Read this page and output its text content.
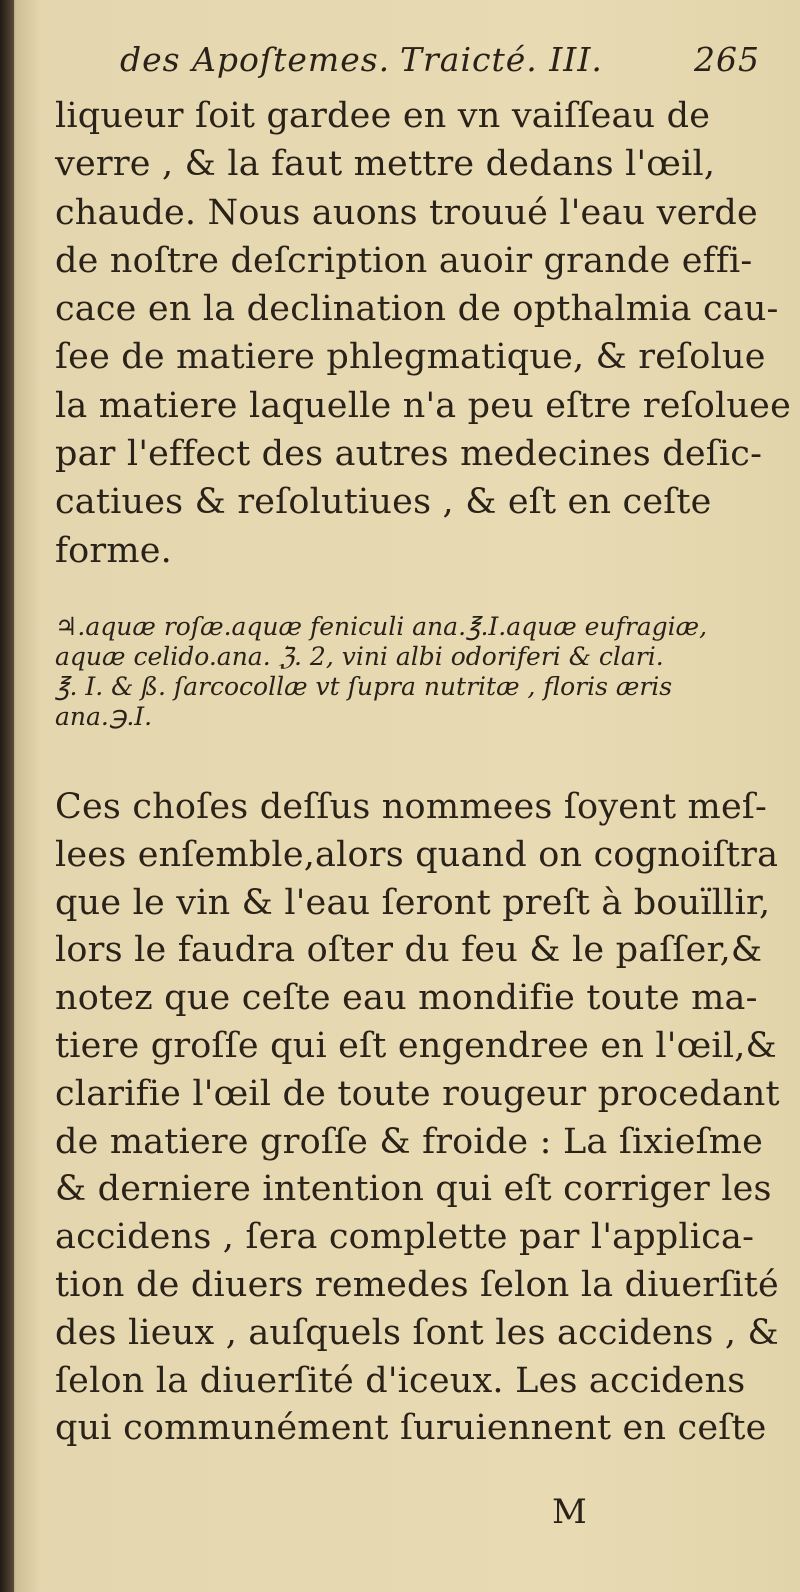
des Apoſtemes. Traicté. III.	265
liqueur ſoit gardee en vn vaiſſeau de
verre , & la faut mettre dedans l'œil,
chaude. Nous auons trouué l'eau verde
de noſtre deſcription auoir grande effi-
cace en la declination de opthalmia cau-
ſee de matiere phlegmatique, & reſolue
la matiere laquelle n'a peu eſtre reſoluee
par l'effect des autres medecines deſic-
catiues & reſolutiues , & eſt en ceſte
forme.
♃.aquæ roſæ.aquæ feniculi ana.℥.I.aquæ eufragiæ,
aquæ celido.ana. ℨ. 2, vini albi odoriferi & clari.
℥. I. & ß. ſarcocollæ vt ſupra nutritæ , floris æris
ana.℈.I.
Ces choſes deſſus nommees ſoyent meſ-
lees enſemble,alors quand on cognoiſtra
que le vin & l'eau ſeront preſt à bouïllir,
lors le faudra oſter du feu & le paſſer,&
notez que ceſte eau mondifie toute ma-
tiere groſſe qui eſt engendree en l'œil,&
clarifie l'œil de toute rougeur procedant
de matiere groſſe & froide : La ſixieſme
& derniere intention qui eſt corriger les
accidens , ſera complette par l'applica-
tion de diuers remedes ſelon la diuerſité
des lieux , auſquels ſont les accidens , &
ſelon la diuerſité d'iceux. Les accidens
qui communément ſuruiennent en ceſte
M
